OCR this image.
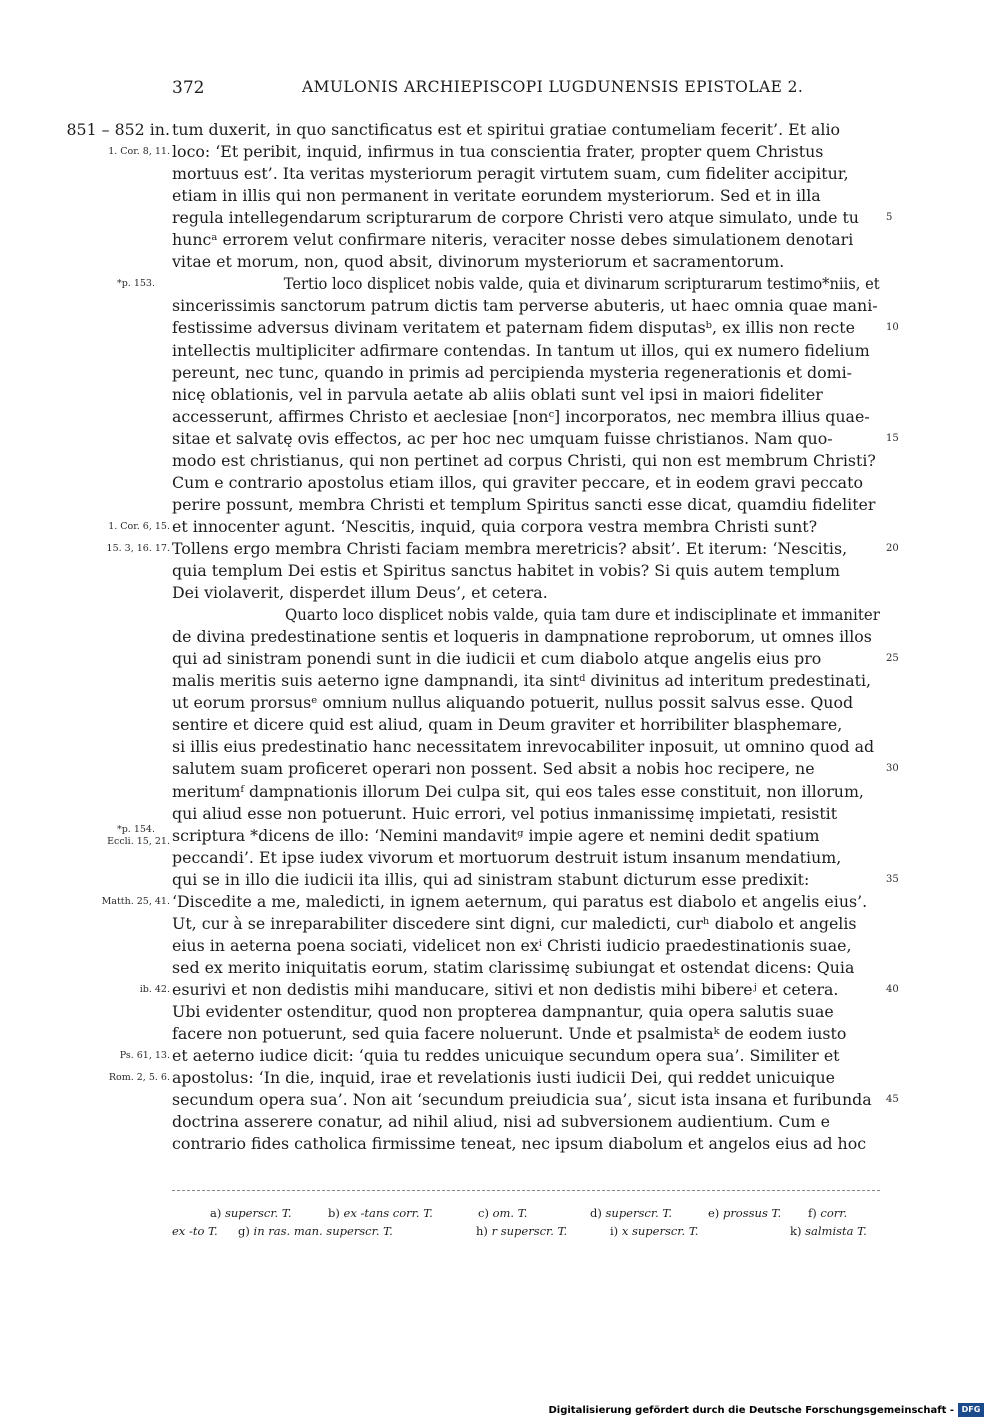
372	AMULONIS ARCHIEPISCOPI LUGDUNENSIS EPISTOLAE 2.
851 – 852 in. tum duxerit, in quo sanctificatus est et spiritui gratiae contumeliam fecerit’. Et alio
loco: ‘Et peribit, inquid, infirmus in tua conscientia frater, propter quem Christus
mortuus est’. Ita veritas mysteriorum peragit virtutem suam, cum fideliter accipitur,
etiam in illis qui non permanent in veritate eorundem mysteriorum. Sed et in illa
regula intellegendarum scripturarum de corpore Christi vero atque simulato, unde tu
huncᵃ errorem velut confirmare niteris, veraciter nosse debes simulationem denotari
vitae et morum, non, quod absit, divinorum mysteriorum et sacramentorum.
Tertio loco displicet nobis valde, quia et divinarum scripturarum testimo*niis, et
sincerissimis sanctorum patrum dictis tam perverse abuteris, ut haec omnia quae mani-
festissime adversus divinam veritatem et paternam fidem disputasᵇ, ex illis non recte
intellectis multipliciter adfirmare contendas. In tantum ut illos, qui ex numero fidelium
pereunt, nec tunc, quando in primis ad percipienda mysteria regenerationis et domi-
nicę oblationis, vel in parvula aetate ab aliis oblati sunt vel ipsi in maiori fideliter
accesserunt, affirmes Christo et aeclesiae [nonᶜ] incorporatos, nec membra illius quae-
sitae et salvatę ovis effectos, ac per hoc nec umquam fuisse christianos. Nam quo-
modo est christianus, qui non pertinet ad corpus Christi, qui non est membrum Christi?
Cum e contrario apostolus etiam illos, qui graviter peccare, et in eodem gravi peccato
perire possunt, membra Christi et templum Spiritus sancti esse dicat, quamdiu fideliter
et innocenter agunt. ‘Nescitis, inquid, quia corpora vestra membra Christi sunt?
Tollens ergo membra Christi faciam membra meretricis? absit’. Et iterum: ‘Nescitis,
quia templum Dei estis et Spiritus sanctus habitet in vobis? Si quis autem templum
Dei violaverit, disperdet illum Deus’, et cetera.
Quarto loco displicet nobis valde, quia tam dure et indisciplinate et immaniter
de divina predestinatione sentis et loqueris in dampnatione reproborum, ut omnes illos
qui ad sinistram ponendi sunt in die iudicii et cum diabolo atque angelis eius pro
malis meritis suis aeterno igne dampnandi, ita sintᵈ divinitus ad interitum predestinati,
ut eorum prorsusᵉ omnium nullus aliquando potuerit, nullus possit salvus esse. Quod
sentire et dicere quid est aliud, quam in Deum graviter et horribiliter blasphemare,
si illis eius predestinatio hanc necessitatem inrevocabiliter inposuit, ut omnino quod ad
salutem suam proficeret operari non possent. Sed absit a nobis hoc recipere, ne
meritumᶠ dampnationis illorum Dei culpa sit, qui eos tales esse constituit, non illorum,
qui aliud esse non potuerunt. Huic errori, vel potius inmanissimę impietati, resistit
scriptura *dicens de illo: ‘Nemini mandavitᵍ impie agere et nemini dedit spatium
peccandi’. Et ipse iudex vivorum et mortuorum destruit istum insanum mendatium,
qui se in illo die iudicii ita illis, qui ad sinistram stabunt dicturum esse predixit:
‘Discedite a me, maledicti, in ignem aeternum, qui paratus est diabolo et angelis eius’.
Ut, cur à se inreparabiliter discedere sint digni, cur maledicti, curʰ diabolo et angelis
eius in aeterna poena sociati, videlicet non exⁱ Christi iudicio praedestinationis suae,
sed ex merito iniquitatis eorum, statim clarissimę subiungat et ostendat dicens: Quia
esurivi et non dedistis mihi manducare, sitivi et non dedistis mihi bibereʲ et cetera.
Ubi evidenter ostenditur, quod non propterea dampnantur, quia opera salutis suae
facere non potuerunt, sed quia facere noluerunt. Unde et psalmistaᵏ de eodem iusto
et aeterno iudice dicit: ‘quia tu reddes unicuique secundum opera sua’. Similiter et
apostolus: ‘In die, inquid, irae et revelationis iusti iudicii Dei, qui reddet unicuique
secundum opera sua’. Non ait ‘secundum preiudicia sua’, sicut ista insana et furibunda
doctrina asserere conatur, ad nihil aliud, nisi ad subversionem audientium. Cum e
contrario fides catholica firmissime teneat, nec ipsum diabolum et angelos eius ad hoc
1. Cor. 8, 11.
*p. 153.
1. Cor. 6, 15.
15. 3, 16. 17.
*p. 154.
Eccli. 15, 21.
Matth. 25, 41.
ib. 42.
Ps. 61, 13.
Rom. 2, 5. 6.
5
10
15
20
25
30
35
40
45
a) superscr. T.	b) ex -tans corr. T.	c) om. T.	d) superscr. T.	e) prossus T. f) corr.
ex -to T. g) in ras. man. superscr. T.	h) r superscr. T.	i) x superscr. T.	k) salmista T.
Digitalisierung gefördert durch die Deutsche Forschungsgemeinschaft - DFG
